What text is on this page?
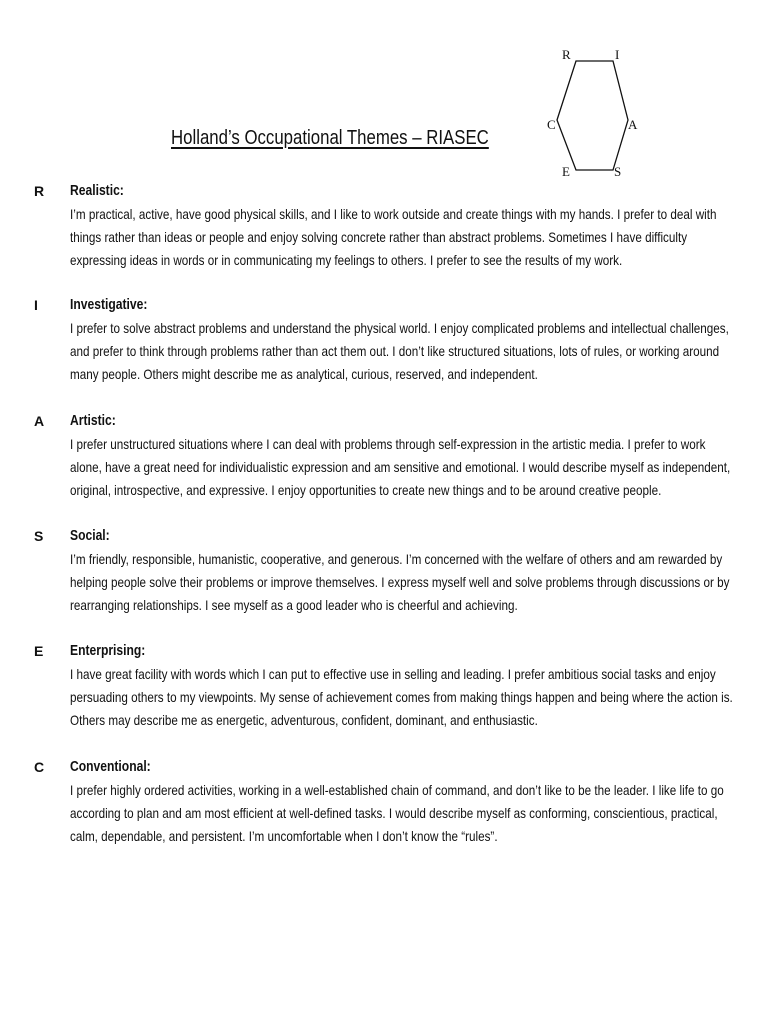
Holland’s Occupational Themes – RIASEC
R	I
A
S
E
C
R Realistic:
I’m practical, active, have good physical skills, and I like to work outside and create things with my hands. I prefer to deal with
things rather than ideas or people and enjoy solving concrete rather than abstract problems. Sometimes I have difficulty
expressing ideas in words or in communicating my feelings to others. I prefer to see the results of my work.
I Investigative:
I prefer to solve abstract problems and understand the physical world. I enjoy complicated problems and intellectual challenges,
and prefer to think through problems rather than act them out. I don’t like structured situations, lots of rules, or working around
many people. Others might describe me as analytical, curious, reserved, and independent.
A Artistic:
I prefer unstructured situations where I can deal with problems through self-expression in the artistic media. I prefer to work
alone, have a great need for individualistic expression and am sensitive and emotional. I would describe myself as independent,
original, introspective, and expressive. I enjoy opportunities to create new things and to be around creative people.
S Social:
I’m friendly, responsible, humanistic, cooperative, and generous. I’m concerned with the welfare of others and am rewarded by
helping people solve their problems or improve themselves. I express myself well and solve problems through discussions or by
rearranging relationships. I see myself as a good leader who is cheerful and achieving.
E Enterprising:
I have great facility with words which I can put to effective use in selling and leading. I prefer ambitious social tasks and enjoy
persuading others to my viewpoints. My sense of achievement comes from making things happen and being where the action is.
Others may describe me as energetic, adventurous, confident, dominant, and enthusiastic.
C Conventional:
I prefer highly ordered activities, working in a well-established chain of command, and don’t like to be the leader. I like life to go
according to plan and am most efficient at well-defined tasks. I would describe myself as conforming, conscientious, practical,
calm, dependable, and persistent. I’m uncomfortable when I don’t know the “rules”.
